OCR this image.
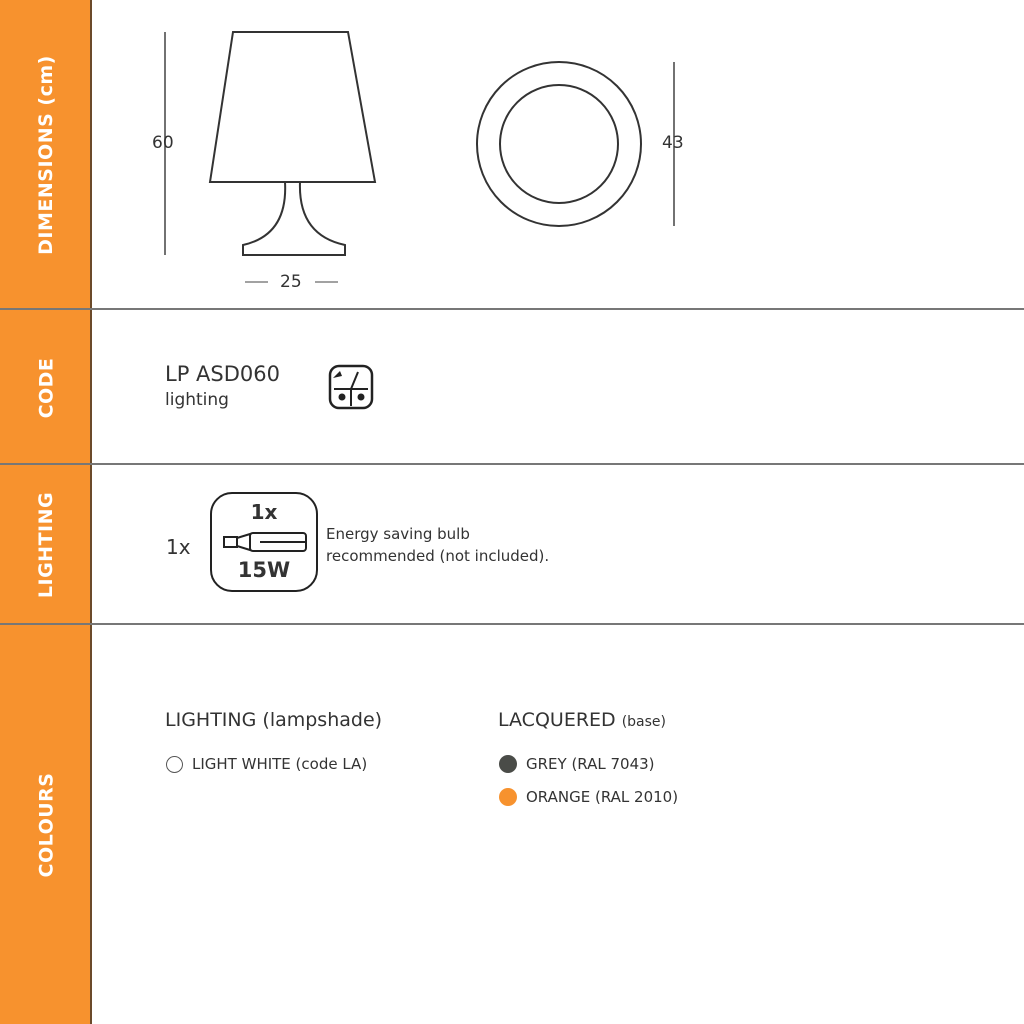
DIMENSIONS (cm)	60
25
43
CODE	LP ASD060
lighting
LIGHTING	1x
1x
15W
Energy saving bulb
recommended (not included).
COLOURS
LIGHTING (lampshade)
LIGHT WHITE (code LA)
LACQUERED (base)
GREY (RAL 7043)
ORANGE (RAL 2010)
